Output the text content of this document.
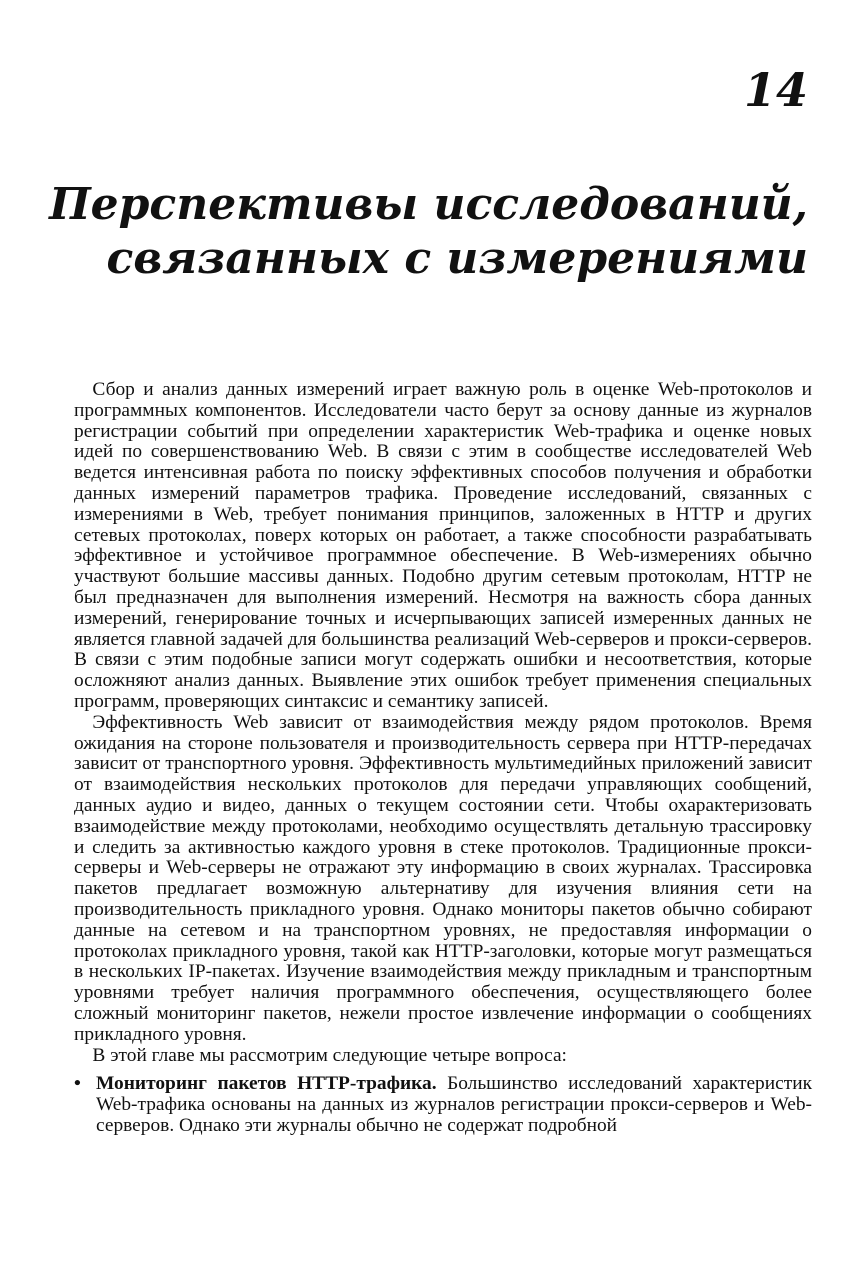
14
Перспективы исследований,
связанных с измерениями

Сбор и анализ данных измерений играет важную роль в оценке Web-протоколов и программных компонентов. Исследователи часто берут за основу данные из журналов регистрации событий при определении характеристик Web-трафика и оценке новых идей по совершенствованию Web. В связи с этим в сообществе исследователей Web ведется интенсивная работа по поиску эффективных способов получения и обработки данных измерений параметров трафика. Проведение исследований, связанных с измерениями в Web, требует понимания принципов, заложенных в HTTP и других сетевых протоколах, поверх которых он работает, а также способности разрабатывать эффективное и устойчивое программное обеспечение. В Web-измерениях обычно участвуют большие массивы данных. Подобно другим сетевым протоколам, HTTP не был предназначен для выполнения измерений. Несмотря на важность сбора данных измерений, генерирование точных и исчерпывающих записей измеренных данных не является главной задачей для большинства реализаций Web-серверов и прокси-серверов. В связи с этим подобные записи могут содержать ошибки и несоответствия, которые осложняют анализ данных. Выявление этих ошибок требует применения специальных программ, проверяющих синтаксис и семантику записей.

Эффективность Web зависит от взаимодействия между рядом протоколов. Время ожидания на стороне пользователя и производительность сервера при HTTP-передачах зависит от транспортного уровня. Эффективность мультимедийных приложений зависит от взаимодействия нескольких протоколов для передачи управляющих сообщений, данных аудио и видео, данных о текущем состоянии сети. Чтобы охарактеризовать взаимодействие между протоколами, необходимо осуществлять детальную трассировку и следить за активностью каждого уровня в стеке протоколов. Традиционные прокси-серверы и Web-серверы не отражают эту информацию в своих журналах. Трассировка пакетов предлагает возможную альтернативу для изучения влияния сети на производительность прикладного уровня. Однако мониторы пакетов обычно собирают данные на сетевом и на транспортном уровнях, не предоставляя информации о протоколах прикладного уровня, такой как HTTP-заголовки, которые могут размещаться в нескольких IP-пакетах. Изучение взаимодействия между прикладным и транспортным уровнями требует наличия программного обеспечения, осуществляющего более сложный мониторинг пакетов, нежели простое извлечение информации о сообщениях прикладного уровня.

В этой главе мы рассмотрим следующие четыре вопроса:

• Мониторинг пакетов HTTP-трафика. Большинство исследований характеристик Web-трафика основаны на данных из журналов регистрации прокси-серверов и Web-серверов. Однако эти журналы обычно не содержат подробной
